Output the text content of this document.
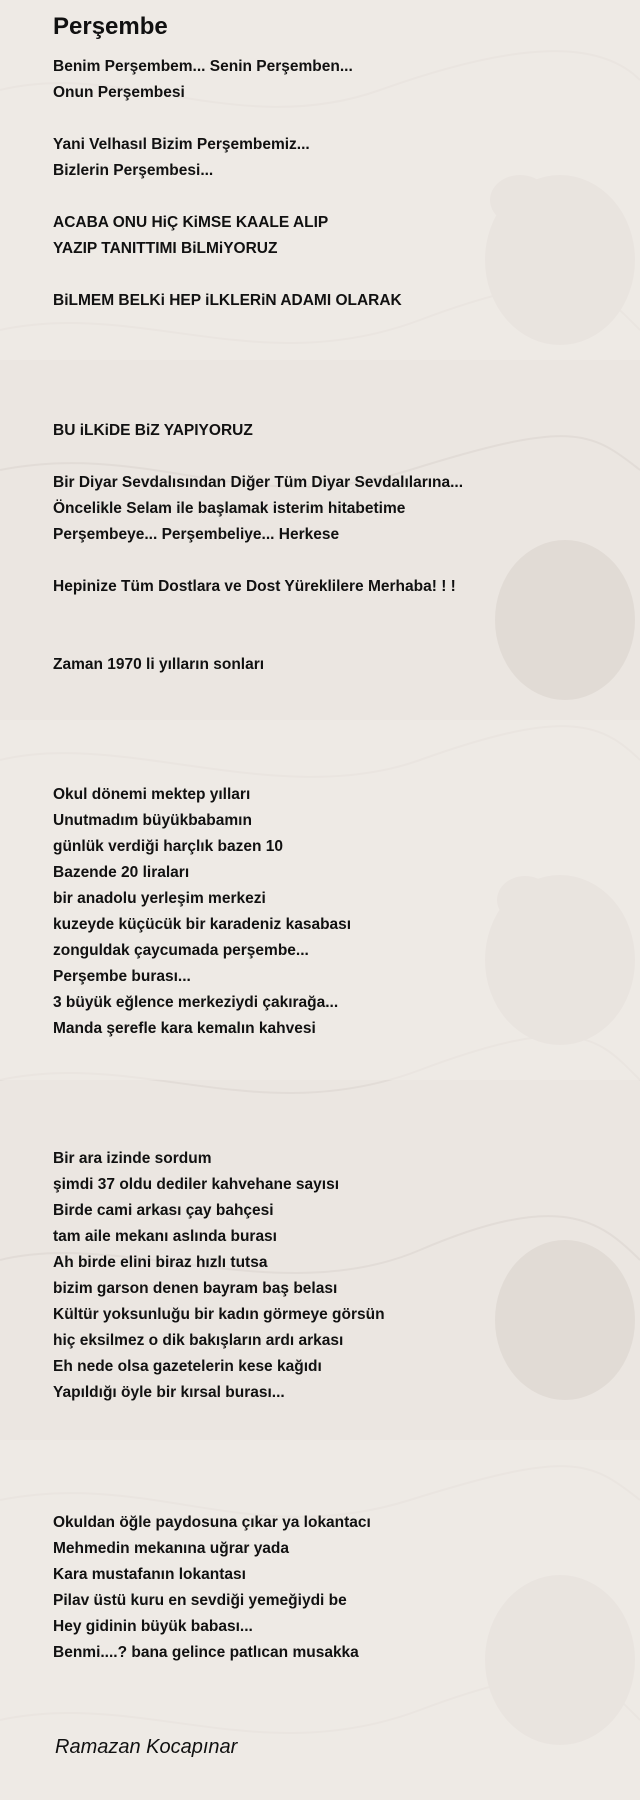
Perşembe
Benim Perşembem... Senin Perşemben...
Onun Perşembesi
Yani Velhasıl Bizim Perşembemiz...
Bizlerin Perşembesi...
ACABA ONU HiÇ KiMSE KAALE ALIP
YAZIP TANITTIMI BiLMiYORUZ
BiLMEM BELKi HEP iLKLERiN ADAMI OLARAK
BU iLKiDE BiZ YAPIYORUZ
Bir Diyar Sevdalısından Diğer Tüm Diyar Sevdalılarına...
Öncelikle Selam ile başlamak isterim hitabetime
Perşembeye... Perşembeliye... Herkese
Hepinize Tüm Dostlara ve Dost Yüreklilere Merhaba! ! !
Zaman 1970 li yılların sonları
Okul dönemi mektep yılları
Unutmadım büyükbabamın
günlük verdiği harçlık bazen 10
Bazende 20 liraları
bir anadolu yerleşim merkezi
kuzeyde küçücük bir karadeniz kasabası
zonguldak çaycumada perşembe...
Perşembe burası...
3 büyük eğlence merkeziydi çakırağa...
Manda şerefle kara kemalın kahvesi
Bir ara izinde sordum
şimdi 37 oldu dediler kahvehane sayısı
Birde cami arkası çay bahçesi
tam aile mekanı aslında burası
Ah birde elini biraz hızlı tutsa
bizim garson denen bayram baş belası
Kültür yoksunluğu bir kadın görmeye görsün
hiç eksilmez o dik bakışların ardı arkası
Eh nede olsa gazetelerin kese kağıdı
Yapıldığı öyle bir kırsal burası...
Okuldan öğle paydosuna çıkar ya lokantacı
Mehmedin mekanına uğrar yada
Kara mustafanın lokantası
Pilav üstü kuru en sevdiği yemeğiydi be
Hey gidinin büyük babası...
Benmi....? bana gelince patlıcan musakka
Ramazan Kocapınar
